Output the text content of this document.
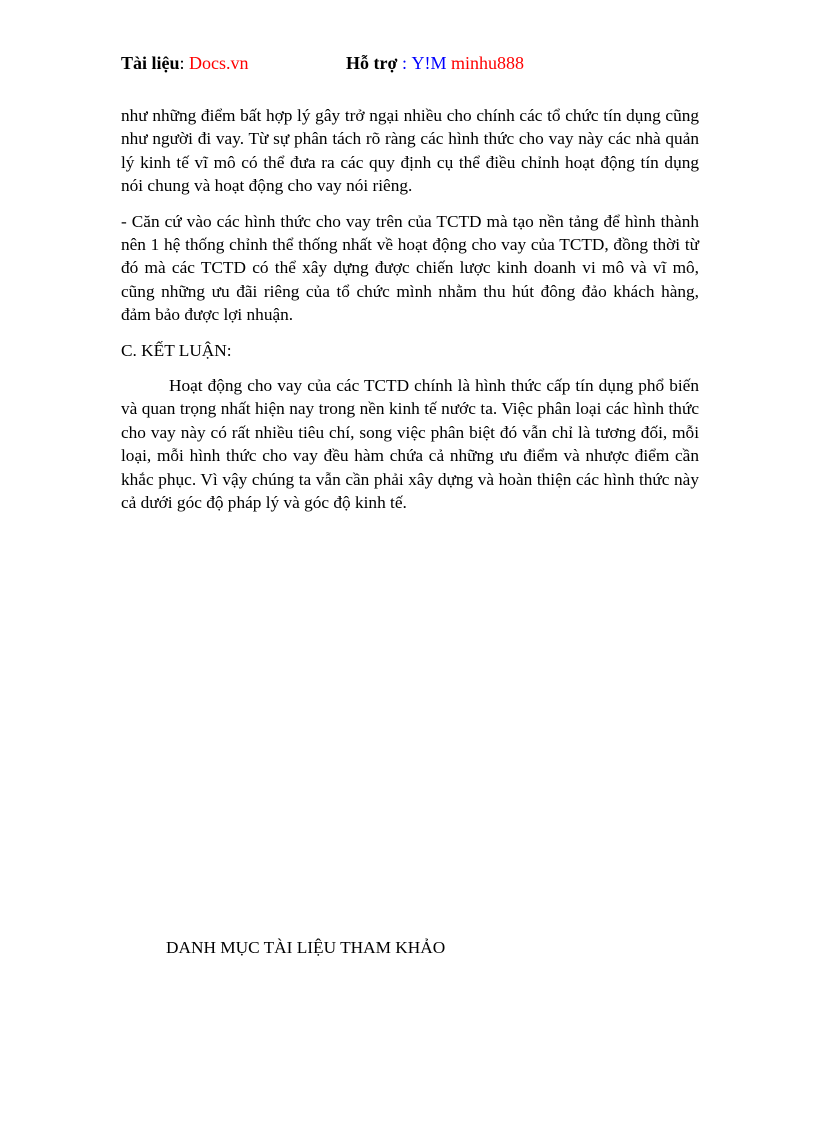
Tài liệu: Docs.vn	Hỗ trợ : Y!M minhu888

như những điểm bất hợp lý gây trở ngại nhiều cho chính các tổ chức tín dụng cũng như người đi vay. Từ sự phân tách rõ ràng các hình thức cho vay này các nhà quản lý kinh tế vĩ mô có thể đưa ra các quy định cụ thể điều chỉnh hoạt động tín dụng nói chung và hoạt động cho vay nói riêng.

- Căn cứ vào các hình thức cho vay trên của TCTD mà tạo nền tảng để hình thành nên 1 hệ thống chỉnh thể thống nhất về hoạt động cho vay của TCTD, đồng thời từ đó mà các TCTD có thể xây dựng được chiến lược kinh doanh vi mô và vĩ mô, cũng những ưu đãi riêng của tổ chức mình nhằm thu hút đông đảo khách hàng, đảm bảo được lợi nhuận.

C. KẾT LUẬN:

Hoạt động cho vay của các TCTD chính là hình thức cấp tín dụng phổ biến và quan trọng nhất hiện nay trong nền kinh tế nước ta. Việc phân loại các hình thức cho vay này có rất nhiều tiêu chí, song việc phân biệt đó vẫn chỉ là tương đối, mỗi loại, mỗi hình thức cho vay đều hàm chứa cả những ưu điểm và nhược điểm cần khắc phục. Vì vậy chúng ta vẫn cần phải xây dựng và hoàn thiện các hình thức này cả dưới góc độ pháp lý và góc độ kinh tế.

DANH MỤC TÀI LIỆU THAM KHẢO
